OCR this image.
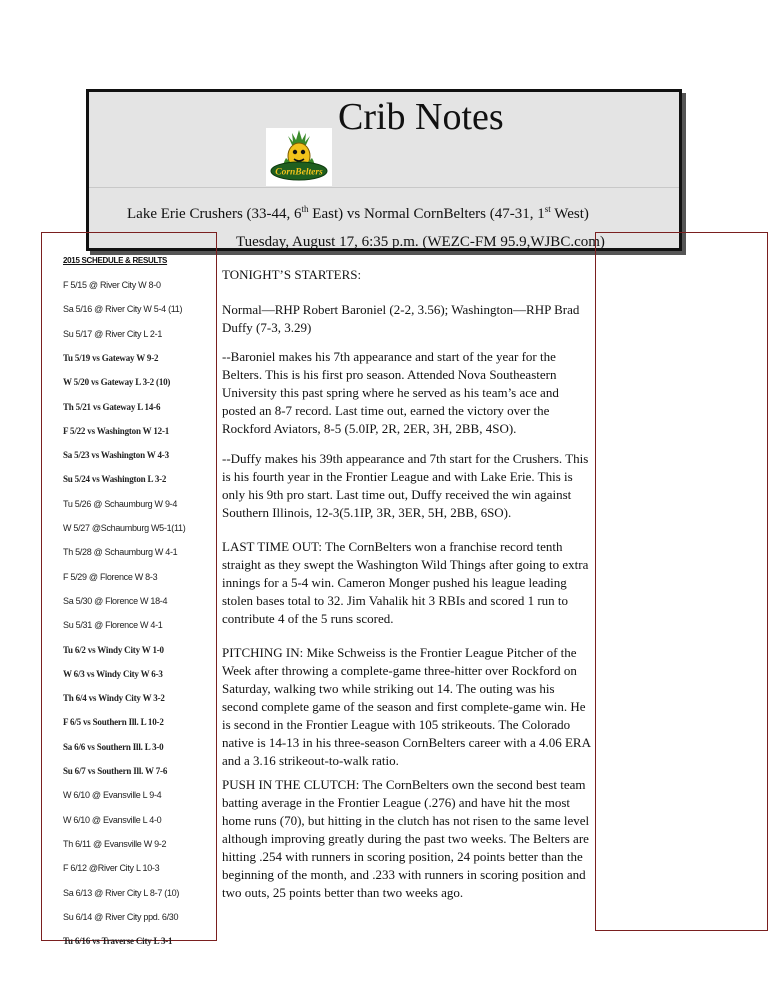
Crib Notes
CornBelters
Lake Erie Crushers (33-44, 6th East) vs Normal CornBelters (47-31, 1st West)
Tuesday, August 17, 6:35 p.m. (WEZC-FM 95.9,WJBC.com)
2015 SCHEDULE & RESULTS
F 5/15 @ River City W 8-0
Sa 5/16 @ River City W 5-4 (11)
Su 5/17 @ River City L 2-1
Tu 5/19 vs Gateway W 9-2
W 5/20 vs Gateway L 3-2 (10)
Th 5/21 vs Gateway L 14-6
F 5/22 vs Washington W 12-1
Sa 5/23 vs Washington W 4-3
Su 5/24 vs Washington L 3-2
Tu 5/26 @ Schaumburg W 9-4
W 5/27 @Schaumburg W5-1(11)
Th 5/28 @ Schaumburg W 4-1
F 5/29 @ Florence W 8-3
Sa 5/30 @ Florence W 18-4
Su 5/31 @ Florence W 4-1
Tu 6/2 vs Windy City W 1-0
W 6/3 vs Windy City W 6-3
Th 6/4 vs Windy City W 3-2
F 6/5 vs Southern Ill. L 10-2
Sa 6/6 vs Southern Ill. L 3-0
Su 6/7 vs Southern Ill. W 7-6
W 6/10 @ Evansville L 9-4
W 6/10 @ Evansville L 4-0
Th 6/11 @ Evansville W 9-2
F 6/12 @River City L 10-3
Sa 6/13 @ River City L 8-7 (10)
Su 6/14 @ River City ppd. 6/30
Tu 6/16 vs Traverse City L 3-1

TONIGHT’S STARTERS:

Normal—RHP Robert Baroniel (2-2, 3.56); Washington—RHP Brad Duffy (7-3, 3.29)

--Baroniel makes his 7th appearance and start of the year for the Belters. This is his first pro season. Attended Nova Southeastern University this past spring where he served as his team’s ace and posted an 8-7 record. Last time out, earned the victory over the Rockford Aviators, 8-5 (5.0IP, 2R, 2ER, 3H, 2BB, 4SO).

--Duffy makes his 39th appearance and 7th start for the Crushers. This is his fourth year in the Frontier League and with Lake Erie. This is only his 9th pro start. Last time out, Duffy received the win against Southern Illinois, 12-3(5.1IP, 3R, 3ER, 5H, 2BB, 6SO).

LAST TIME OUT: The CornBelters won a franchise record tenth straight as they swept the Washington Wild Things after going to extra innings for a 5-4 win. Cameron Monger pushed his league leading stolen bases total to 32. Jim Vahalik hit 3 RBIs and scored 1 run to contribute 4 of the 5 runs scored.

PITCHING IN: Mike Schweiss is the Frontier League Pitcher of the Week after throwing a complete-game three-hitter over Rockford on Saturday, walking two while striking out 14. The outing was his second complete game of the season and first complete-game win. He is second in the Frontier League with 105 strikeouts. The Colorado native is 14-13 in his three-season CornBelters career with a 4.06 ERA and a 3.16 strikeout-to-walk ratio.

PUSH IN THE CLUTCH: The CornBelters own the second best team batting average in the Frontier League (.276) and have hit the most home runs (70), but hitting in the clutch has not risen to the same level although improving greatly during the past two weeks. The Belters are hitting .254 with runners in scoring position, 24 points better than the beginning of the month, and .233 with runners in scoring position and two outs, 25 points better than two weeks ago.
